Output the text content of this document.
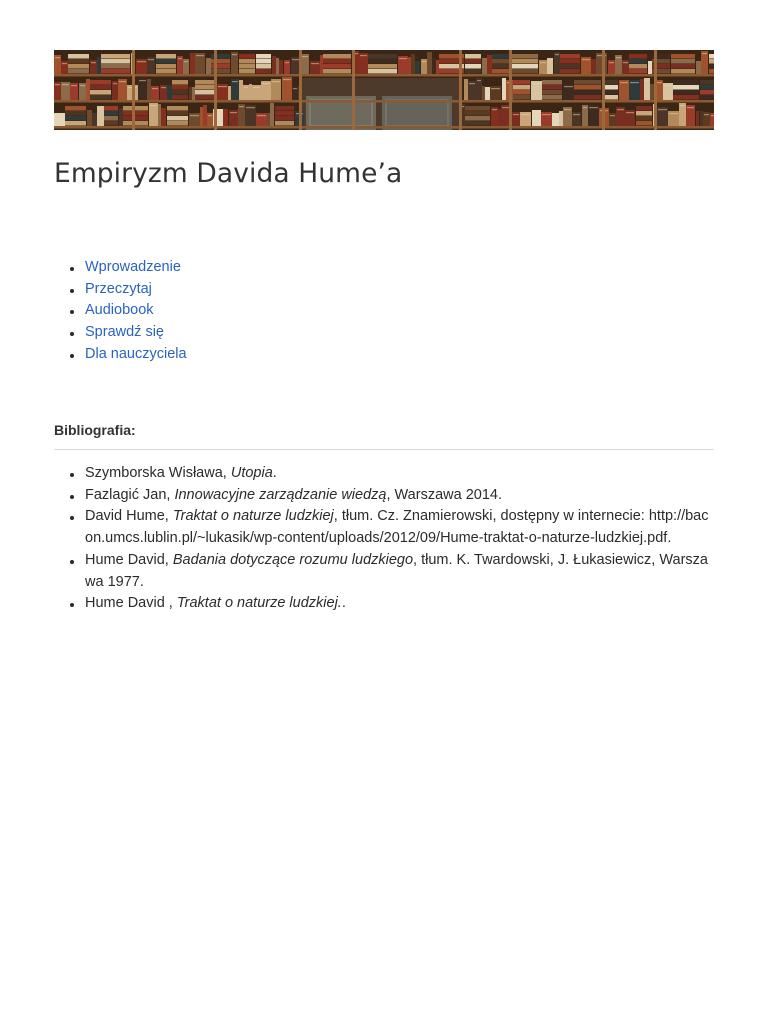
Empiryzm Davida Hume’a
Wprowadzenie
Przeczytaj
Audiobook
Sprawdź się
Dla nauczyciela
Bibliografia:
Szymborska Wisława, Utopia.
Fazlagić Jan, Innowacyjne zarządzanie wiedzą, Warszawa 2014.
David Hume, Traktat o naturze ludzkiej, tłum. Cz. Znamierowski, dostępny w internecie: http://bacon.umcs.lublin.pl/~lukasik/wp-content/uploads/2012/09/Hume-traktat-o-naturze-ludzkiej.pdf.
Hume David, Badania dotyczące rozumu ludzkiego, tłum. K. Twardowski, J. Łukasiewicz, Warszawa 1977.
Hume David , Traktat o naturze ludzkiej..
